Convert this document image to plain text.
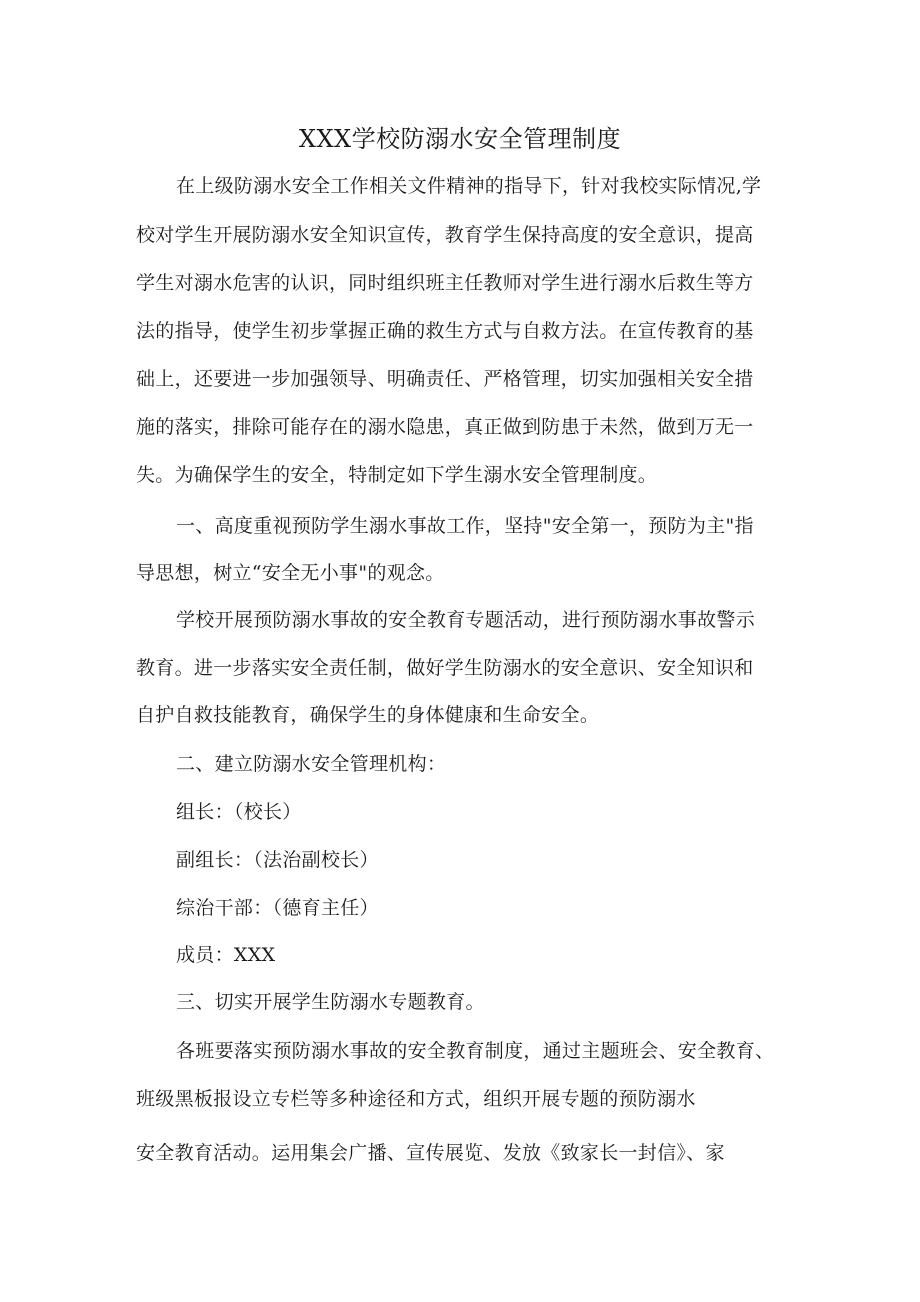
XXX学校防溺水安全管理制度

在上级防溺水安全工作相关文件精神的指导下，针对我校实际情况,学

校对学生开展防溺水安全知识宣传，教育学生保持高度的安全意识，提高

学生对溺水危害的认识，同时组织班主任教师对学生进行溺水后救生等方

法的指导，使学生初步掌握正确的救生方式与自救方法。在宣传教育的基

础上，还要进一步加强领导、明确责任、严格管理，切实加强相关安全措

施的落实，排除可能存在的溺水隐患，真正做到防患于未然，做到万无一

失。为确保学生的安全，特制定如下学生溺水安全管理制度。

一、高度重视预防学生溺水事故工作，坚持"安全第一，预防为主"指

导思想，树立“安全无小事"的观念。

学校开展预防溺水事故的安全教育专题活动，进行预防溺水事故警示

教育。进一步落实安全责任制，做好学生防溺水的安全意识、安全知识和

自护自救技能教育，确保学生的身体健康和生命安全。

二、建立防溺水安全管理机构：

组长：（校长）

副组长：（法治副校长）

综治干部：（德育主任）

成员：XXX

三、切实开展学生防溺水专题教育。

各班要落实预防溺水事故的安全教育制度，通过主题班会、安全教育、

班级黑板报设立专栏等多种途径和方式，组织开展专题的预防溺水

安全教育活动。运用集会广播、宣传展览、发放《致家长一封信》、家
